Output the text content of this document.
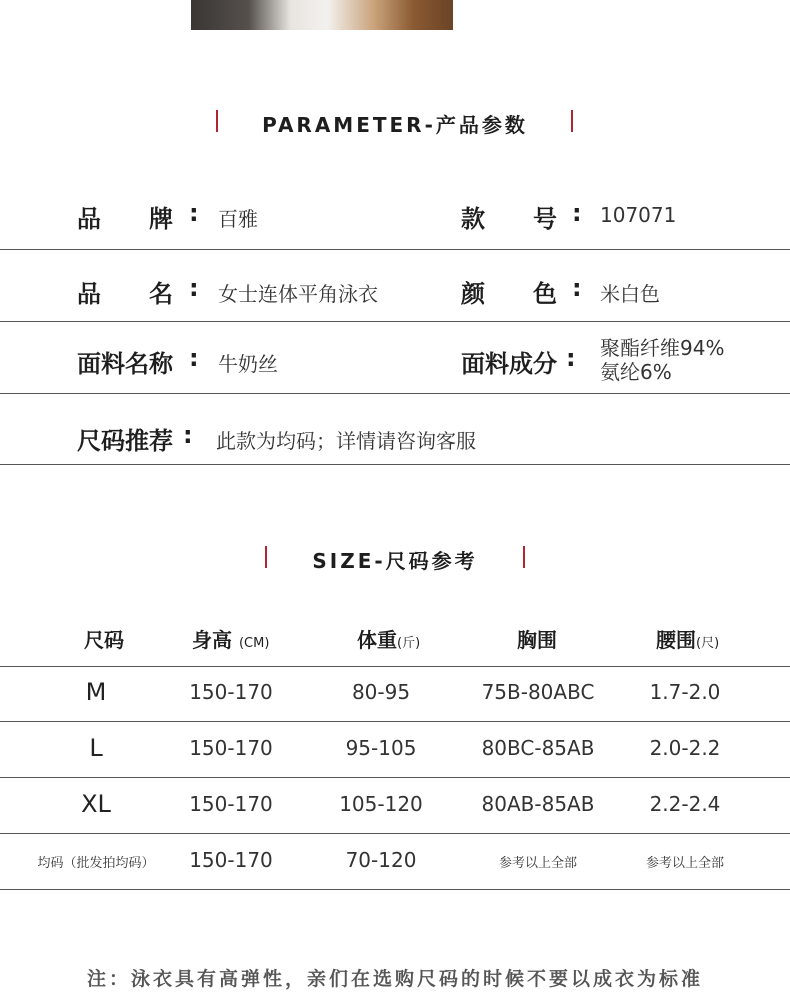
PARAMETER-产品参数
品　　牌 : 百雅	款　　号 : 107071
品　　名 : 女士连体平角泳衣	颜　　色 : 米白色
面料名称 : 牛奶丝	面料成分 : 聚酯纤维94%
氨纶6%
尺码推荐 : 此款为均码；详情请咨询客服
SIZE-尺码参考
尺码	身高 (CM)	体重(斤)	胸围	腰围(尺)
M	150-170	80-95	75B-80ABC	1.7-2.0
L	150-170	95-105	80BC-85AB	2.0-2.2
XL	150-170	105-120	80AB-85AB	2.2-2.4
均码（批发拍均码）	150-170	70-120	参考以上全部	参考以上全部
注：泳衣具有高弹性，亲们在选购尺码的时候不要以成衣为标准
